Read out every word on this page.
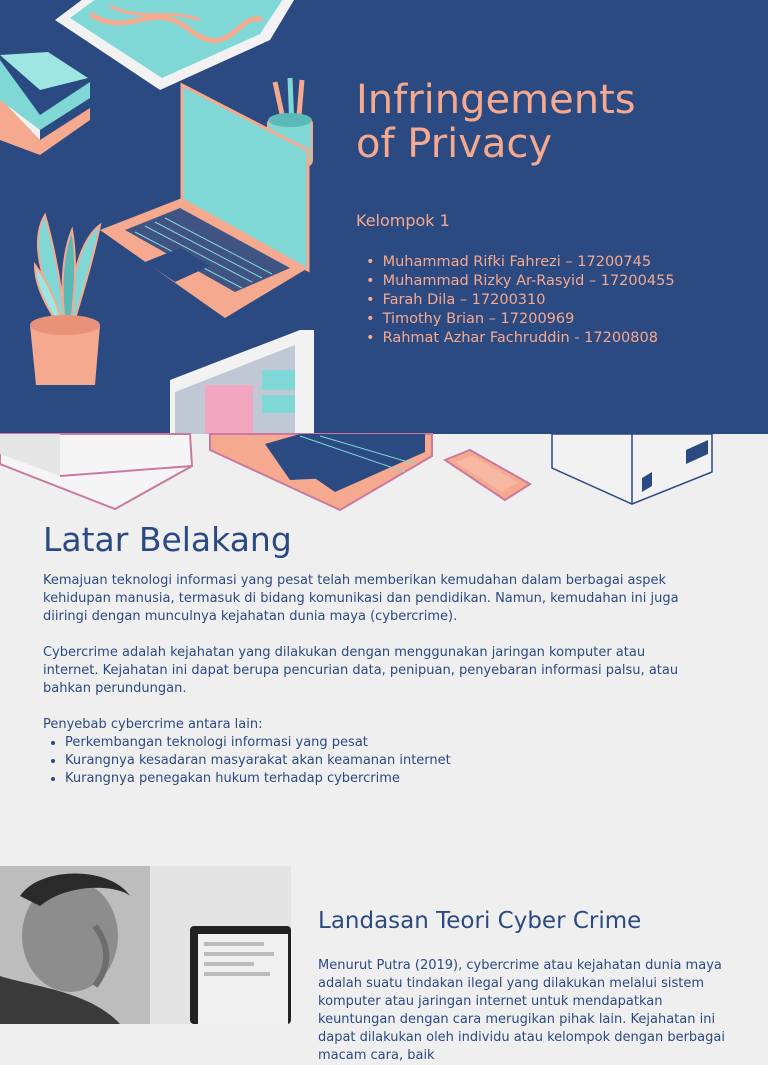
Infringements
of Privacy

Kelompok 1

• Muhammad Rifki Fahrezi – 17200745
• Muhammad Rizky Ar-Rasyid – 17200455
• Farah Dila – 17200310
• Timothy Brian – 17200969
• Rahmat Azhar Fachruddin - 17200808
Latar Belakang

Kemajuan teknologi informasi yang pesat telah memberikan kemudahan dalam berbagai aspek kehidupan manusia, termasuk di bidang komunikasi dan pendidikan. Namun, kemudahan ini juga diiringi dengan munculnya kejahatan dunia maya (cybercrime).

Cybercrime adalah kejahatan yang dilakukan dengan menggunakan jaringan komputer atau internet. Kejahatan ini dapat berupa pencurian data, penipuan, penyebaran informasi palsu, atau bahkan perundungan.

Penyebab cybercrime antara lain:

• Perkembangan teknologi informasi yang pesat
• Kurangnya kesadaran masyarakat akan keamanan internet
• Kurangnya penegakan hukum terhadap cybercrime
Landasan Teori Cyber Crime

Menurut Putra (2019), cybercrime atau kejahatan dunia maya adalah suatu tindakan ilegal yang dilakukan melalui sistem komputer atau jaringan internet untuk mendapatkan keuntungan dengan cara merugikan pihak lain. Kejahatan ini dapat dilakukan oleh individu atau kelompok dengan berbagai macam cara, baik
